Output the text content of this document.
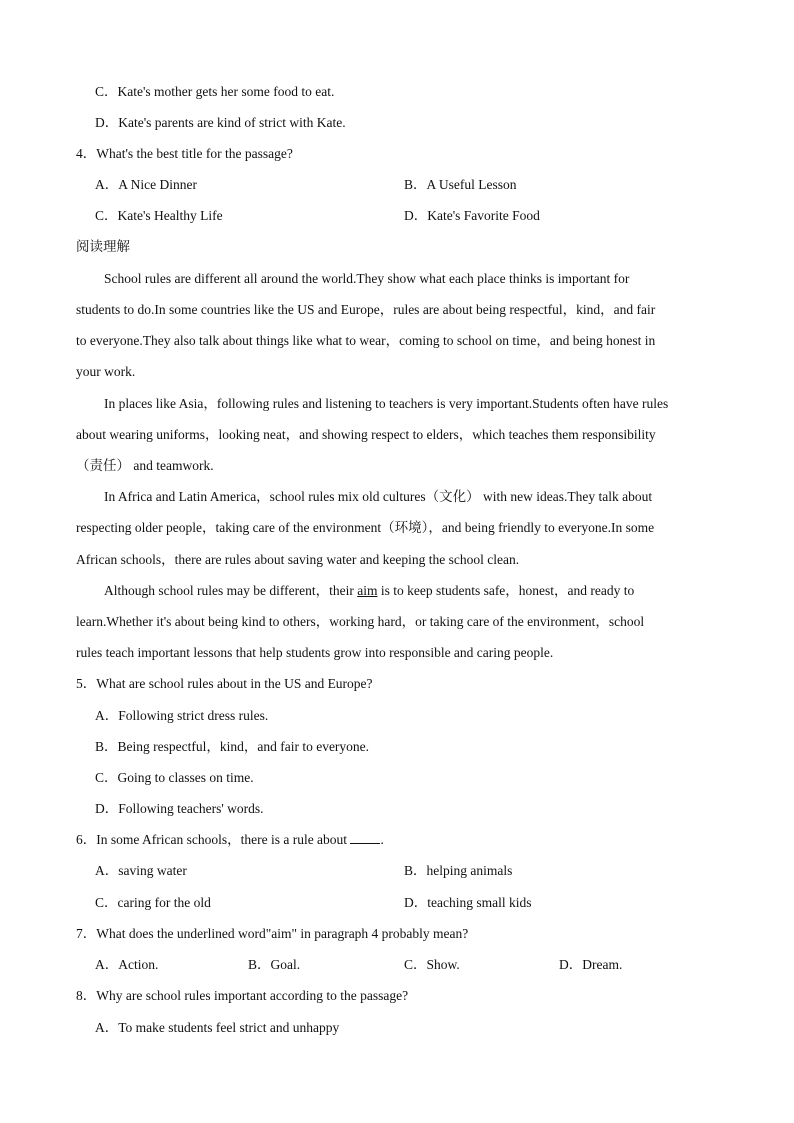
C．Kate's mother gets her some food to eat.
D．Kate's parents are kind of strict with Kate.
4．What's the best title for the passage?
A．A Nice Dinner	B．A Useful Lesson
C．Kate's Healthy Life	D．Kate's Favorite Food
阅读理解
School rules are different all around the world.They show what each place thinks is important for
students to do.In some countries like the US and Europe，rules are about being respectful，kind，and fair
to everyone.They also talk about things like what to wear，coming to school on time，and being honest in
your work.
In places like Asia，following rules and listening to teachers is very important.Students often have rules
about wearing uniforms，looking neat，and showing respect to elders，which teaches them responsibility
（责任） and teamwork.
In Africa and Latin America，school rules mix old cultures（文化） with new ideas.They talk about
respecting older people，taking care of the environment（环境），and being friendly to everyone.In some
African schools，there are rules about saving water and keeping the school clean.
Although school rules may be different，their aim is to keep students safe，honest，and ready to
learn.Whether it's about being kind to others，working hard，or taking care of the environment，school
rules teach important lessons that help students grow into responsible and caring people.
5．What are school rules about in the US and Europe?
A．Following strict dress rules.
B．Being respectful，kind，and fair to everyone.
C．Going to classes on time.
D．Following teachers' words.
6．In some African schools，there is a rule about .
A．saving water	B．helping animals
C．caring for the old	D．teaching small kids
7．What does the underlined word"aim" in paragraph 4 probably mean?
A．Action.	B．Goal.	C．Show.	D．Dream.
8．Why are school rules important according to the passage?
A．To make students feel strict and unhappy
